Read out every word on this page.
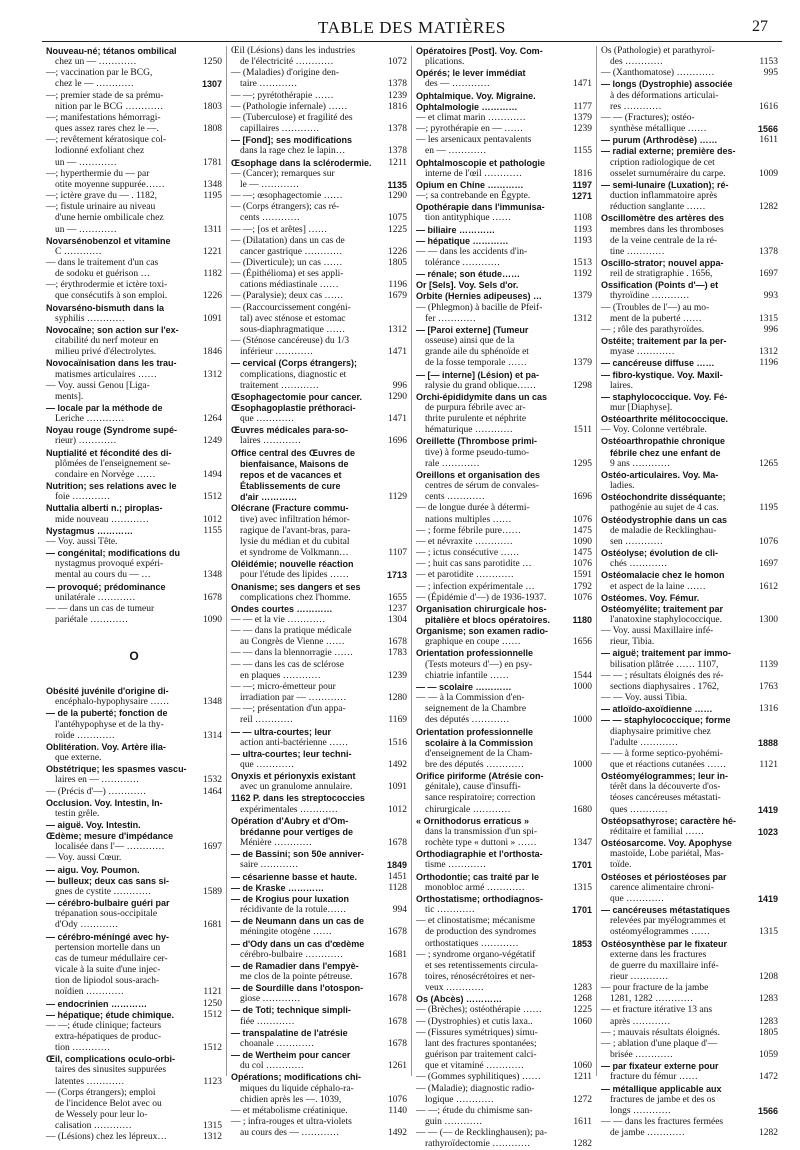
TABLE DES MATIÈRES	27
Nouveau-né; tétanos ombilical
chez un — …………	1250
—; vaccination par le BCG,
chez le — …………	1307
—; premier stade de sa prému-
nition par le BCG …………	1803
—; manifestations hémorragi-
ques assez rares chez le —.	1808
—; revêtement kératosique col-
lodionné exfoliant chez
un — …………	1781
—; hyperthermie du — par
otite moyenne suppurée……	1348
—; ictère grave du — . 1182,	1195
—; fistule urinaire au niveau
d'une hernie ombilicale chez
un — …………	1311
Novarsénobenzol et vitamine
C …………	1221
— dans le traitement d'un cas
de sodoku et guérison …	1182
—; érythrodermie et ictère toxi-
que consécutifs à son emploi.	1226
Novarséno-bismuth dans la
syphilis …………	1091
Novocaïne; son action sur l'ex-
citabilité du nerf moteur en
milieu privé d'électrolytes.	1846
Novocaïnisation dans les trau-
matismes articulaires ……	1312
— Voy. aussi Genou [Liga-
ments].
— locale par la méthode de
Leriche …………	1264
Noyau rouge (Syndrome supé-
rieur) …………	1249
Nuptialité et fécondité des di-
plômées de l'enseignement se-
condaire en Norvège ……	1494
Nutrition; ses relations avec le
foie …………	1512
Nuttalia alberti n.; piroplas-
mide nouveau …………	1012
Nystagmus …………	1155
— Voy. aussi Tête.
— congénital; modifications du
nystagmus provoqué expéri-
mental au cours du — …	1348
— provoqué; prédominance
unilatérale …………	1678
— — dans un cas de tumeur
pariétale …………	1090
O
Obésité juvénile d'origine di-
encéphalo-hypophysaire ……	1348
— de la puberté; fonction de
l'antéhypophyse et de la thy-
roïde …………	1314
Oblitération. Voy. Artère ilia-
que externe.
Obstétrique; les spasmes vascu-
laires en — …………	1532
— (Précis d'—) …………	1464
Occlusion. Voy. Intestin, In-
testin grêle.
— aiguë. Voy. Intestin.
Œdème; mesure d'impédance
localisée dans l'— …………	1697
— Voy. aussi Cœur.
— aigu. Voy. Poumon.
— bulleux; deux cas sans si-
gnes de cystite …………	1589
— cérébro-bulbaire guéri par
trépanation sous-occipitale
d'Ody …………	1681
— cérébro-méningé avec hy-
pertension mortelle dans un
cas de tumeur médullaire cer-
vicale à la suite d'une injec-
tion de lipiodol sous-arach-
noïdien …………	1121
— endocrinien …………	1250
— hépatique; étude chimique.	1512
— —; étude clinique; facteurs
extra-hépatiques de produc-
tion …………	1512
Œil, complications oculo-orbi-
taires des sinusites suppurées
latentes …………	1123
— (Corps étrangers); emploi
de l'incidence Belot avec ou
de Wessely pour leur lo-
calisation …………	1315
— (Lésions) chez les lépreux…	1312
Œil (Lésions) dans les industries
de l'électricité …………	1072
— (Maladies) d'origine den-
taire …………	1378
— —; pyrétothérapie ……	1239
— (Pathologie infernale) ……	1816
— (Tuberculose) et fragilité des
capillaires …………	1378
— [Fond]; ses modifications
dans la rage chez le lapin…	1378
Œsophage dans la sclérodermie.	1211
— (Cancer); remarques sur
le — …………	1135
— —; œsophagectomie ……	1290
— (Corps étrangers); cas ré-
cents …………	1075
— —; [os et arêtes] ……	1225
— (Dilatation) dans un cas de
cancer gastrique …………	1226
— (Diverticule); un cas ……	1805
— (Épithélioma) et ses appli-
cations médiastinale ……	1196
— (Paralysie); deux cas ……	1679
— (Raccourcissement congéni-
tal) avec sténose et estomac
sous-diaphragmatique ……	1312
— (Sténose cancéreuse) du 1/3
inférieur …………	1471
— cervical (Corps étrangers);
complications, diagnostic et
traitement …………	996
Œsophagectomie pour cancer.	1290
Œsophagoplastie préthoraci-
que …………	1471
Œuvres médicales para-so-
laires …………	1696
Office central des Œuvres de
bienfaisance, Maisons de
repos et de vacances et
Établissements de cure
d'air …………	1129
Olécrane (Fracture commu-
tive) avec infiltration hémor-
ragique de l'avant-bras, para-
lysie du médian et du cubital
et syndrome de Volkmann…	1107
Oléidémie; nouvelle réaction
pour l'étude des lipides ……	1713
Onanisme; ses dangers et ses
complications chez l'homme.	1655
Ondes courtes …………	1237
— — et la vie …………	1304
— — dans la pratique médicale
au Congrès de Vienne ……	1678
— — dans la blennorragie ……	1783
— — dans les cas de sclérose
en plaques …………	1239
— —; micro-émetteur pour
irradiation par — …………	1280
— —; présentation d'un appa-
reil …………	1169
— — ultra-courtes; leur
action anti-bactérienne ……	1516
— ultra-courtes; leur techni-
que …………	1492
Onyxis et périonyxis existant
avec un granulome annulaire.	1091
1162 P. dans les streptococcies
expérimentales …………	1012
Opération d'Aubry et d'Om-
brédanne pour vertiges de
Ménière …………	1678
— de Bassini; son 50e anniver-
saire …………	1849
— césarienne basse et haute.	1451
— de Kraske …………	1128
— de Krogius pour luxation
récidivante de la rotule……	994
— de Neumann dans un cas de
méningite otogène ……	1678
— d'Ody dans un cas d'œdème
cérébro-bulbaire …………	1681
— de Ramadier dans l'empyè-
me clos de la pointe pétreuse.	1678
— de Sourdille dans l'otospon-
giose …………	1678
— de Toti; technique simpli-
fiée …………	1678
— transpalatine de l'atrésie
choanale …………	1678
— de Wertheim pour cancer
du col …………	1261
Opérations; modifications chi-
miques du liquide céphalo-ra-
chidien après les —. 1039,	1076
— et métabolisme créatinique.	1140
— ; infra-rouges et ultra-violets
au cours des — …………	1492
Opératoires [Post]. Voy. Com-
plications.
Opérés; le lever immédiat
des — …………	1471
Ophtalmique. Voy. Migraine.
Ophtalmologie …………	1177
— et climat marin …………	1379
—; pyrothérapie en — ……	1239
— les arsenicaux pentavalents
en — …………	1155
Ophtalmoscopie et pathologie
interne de l'œil …………	1816
Opium en Chine …………	1197
—; sa contrebande en Égypte.	1271
Opothérapie dans l'immunisa-
tion antityphique ……	1108
— biliaire …………	1193
— hépatique …………	1193
— — dans les accidents d'in-
tolérance …………	1513
— rénale; son étude……	1192
Or [Sels]. Voy. Sels d'or.
Orbite (Hernies adipeuses) …	1379
— (Phlegmon) à bacille de Pfeif-
fer …………	1312
— [Paroi externe] (Tumeur
osseuse) ainsi que de la
grande aile du sphénoïde et
de la fosse temporale ……	1379
— [— interne] (Lésion) et pa-
ralysie du grand oblique……	1298
Orchi-épididymite dans un cas
de purpura fébrile avec ar-
thrite purulente et néphrite
hématurique …………	1511
Oreillette (Thrombose primi-
tive) à forme pseudo-tumo-
rale …………	1295
Oreillons et organisation des
centres de sérum de convales-
cents …………	1696
— de longue durée à détermi-
nations multiples ……	1076
— ; forme fébrile pure……	1475
— et névraxite …………	1090
— ; ictus consécutive ……	1475
— ; huit cas sans parotidite …	1076
— et parotidite …………	1591
— ; infection expérimentale …	1792
— (Épidémie d'—) de 1936-1937.	1076
Organisation chirurgicale hos-
pitalière et blocs opératoires.	1180
Organisme; son examen radio-
graphique en coupe ……	1656
Orientation professionnelle
(Tests moteurs d'—) en psy-
chiatrie infantile ……	1544
— — scolaire …………	1000
— — à la Commission d'en-
seignement de la Chambre
des députés …………	1000
Orientation professionnelle
scolaire à la Commission
d'enseignement de la Cham-
bre des députés …………	1000
Orifice piriforme (Atrésie con-
génitale), cause d'insuffi-
sance respiratoire; correction
chirurgicale …………	1680
« Ornithodorus erraticus »
dans la transmission d'un spi-
rochète type « duttoni » ……	1347
Orthodiagraphie et l'orthosta-
tisme …………	1701
Orthodontie; cas traité par le
monobloc armé …………	1315
Orthostatisme; orthodiagnos-
tic …………	1701
— et clinostatisme; mécanisme
de production des syndromes
orthostatiques …………	1853
— ; syndrome organo-végétatif
et ses retentissements circula-
toires, rénosécrétoires et ner-
veux …………	1283
Os (Abcès) …………	1268
— (Brèches); ostéothérapie ……	1225
— (Dystrophies) et cutis laxa..	1060
— (Fissures symétriques) simu-
lant des fractures spontanées;
guérison par traitement calci-
que et vitaminé …………	1060
— (Gommes syphilitiques) ……	1211
— (Maladie); diagnostic radio-
logique …………	1272
— —; étude du chimisme san-
guin …………	1611
— — (— de Recklinghausen); pa-
rathyroïdectomie …………	1282
Os (Pathologie) et parathyroï-
des …………	1153
— (Xanthomatose) …………	995
— longs (Dystrophie) associée
à des déformations articulai-
res …………	1616
— — (Fractures); ostéo-
synthèse métallique ……	1566
— purum (Arthrodèse) ……	1611
— radial externe; première des-
cription radiologique de cet
osselet surnuméraire du carpe.	1009
— semi-lunaire (Luxation); ré-
duction inflammatoire après
réduction sanglante ……	1282
Oscillomètre des artères des
membres dans les thromboses
de la veine centrale de la ré-
tine …………	1378
Oscillo-strator; nouvel appa-
reil de stratigraphie . 1656,	1697
Ossification (Points d'—) et
thyroïdine …………	993
— (Troubles de l'—) au mo-
ment de la puberté ……	1315
— ; rôle des parathyroïdes.	996
Ostéite; traitement par la per-
myase …………	1312
— cancéreuse diffuse ……	1196
— fibro-kystique. Voy. Maxil-
laires.
— staphylococcique. Voy. Fé-
mur [Diaphyse].
Ostéoarthrite mélitococcique.
— Voy. Colonne vertébrale.
Ostéoarthropathie chronique
fébrile chez une enfant de
9 ans …………	1265
Ostéo-articulaires. Voy. Ma-
ladies.
Ostéochondrite disséquante;
pathogénie au sujet de 4 cas.	1195
Ostéodystrophie dans un cas
de maladie de Recklinghau-
sen …………	1076
Ostéolyse; évolution de cli-
chés …………	1697
Ostéomalacie chez le homon
et aspect de la laine ……	1612
Ostéomes. Voy. Fémur.
Ostéomyélite; traitement par
l'anatoxine staphylococcique.	1300
— Voy. aussi Maxillaire infé-
rieur, Tibia.
— aiguë; traitement par immo-
bilisation plâtrée …… 1107,	1139
— — ; résultats éloignés des ré-
sections diaphysaires . 1762,	1763
— — Voy. aussi Tibia.
— atloïdo-axoïdienne ……	1316
— — staphylococcique; forme
diaphysaire primitive chez
l'adulte …………	1888
— — à forme septico-pyohémi-
que et réactions cutanées ……	1121
Ostéomyélogrammes; leur in-
térêt dans la découverte d'os-
téoses cancéreuses métastati-
ques …………	1419
Ostéopsathyrose; caractère hé-
réditaire et familial ……	1023
Ostéosarcome. Voy. Apophyse
mastoïde, Lobe pariétal, Mas-
toïde.
Ostéoses et périostéoses par
carence alimentaire chroni-
que …………	1419
— cancéreuses métastatiques
relevées par myélogrammes et
ostéomyélogrammes ……	1315
Ostéosynthèse par le fixateur
externe dans les fractures
de guerre du maxillaire infé-
rieur …………	1208
— pour fracture de la jambe
1281, 1282 …………	1283
— et fracture itérative 13 ans
après …………	1283
— ; mauvais résultats éloignés.	1805
— ; ablation d'une plaque d'—
brisée …………	1059
— par fixateur externe pour
fracture du fémur ……	1472
— métallique applicable aux
fractures de jambe et des os
longs …………	1566
— — dans les fractures fermées
de jambe …………	1282
